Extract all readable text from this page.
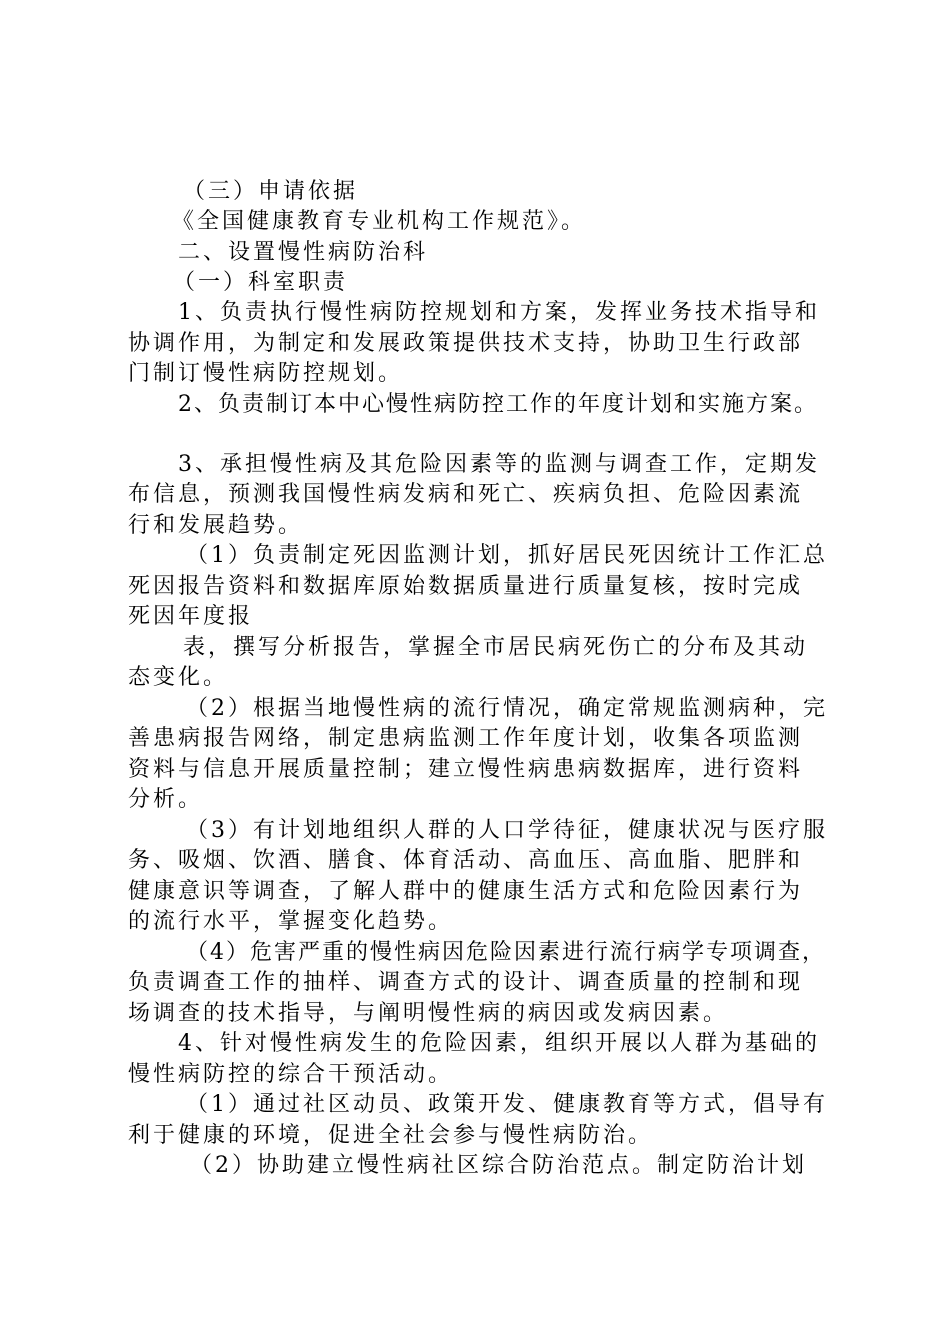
（三）申请依据
《全国健康教育专业机构工作规范》。
二、设置慢性病防治科
（一）科室职责
1、负责执行慢性病防控规划和方案，发挥业务技术指导和
协调作用，为制定和发展政策提供技术支持，协助卫生行政部
门制订慢性病防控规划。
2、负责制订本中心慢性病防控工作的年度计划和实施方案。
3、承担慢性病及其危险因素等的监测与调查工作，定期发
布信息，预测我国慢性病发病和死亡、疾病负担、危险因素流
行和发展趋势。
（1）负责制定死因监测计划，抓好居民死因统计工作汇总
死因报告资料和数据库原始数据质量进行质量复核，按时完成
死因年度报
表，撰写分析报告，掌握全市居民病死伤亡的分布及其动
态变化。
（2）根据当地慢性病的流行情况，确定常规监测病种，完
善患病报告网络，制定患病监测工作年度计划，收集各项监测
资料与信息开展质量控制；建立慢性病患病数据库，进行资料
分析。
（3）有计划地组织人群的人口学待征，健康状况与医疗服
务、吸烟、饮酒、膳食、体育活动、高血压、高血脂、肥胖和
健康意识等调查，了解人群中的健康生活方式和危险因素行为
的流行水平，掌握变化趋势。
（4）危害严重的慢性病因危险因素进行流行病学专项调查，
负责调查工作的抽样、调查方式的设计、调查质量的控制和现
场调查的技术指导，与阐明慢性病的病因或发病因素。
4、针对慢性病发生的危险因素，组织开展以人群为基础的
慢性病防控的综合干预活动。
（1）通过社区动员、政策开发、健康教育等方式，倡导有
利于健康的环境，促进全社会参与慢性病防治。
（2）协助建立慢性病社区综合防治范点。制定防治计划
